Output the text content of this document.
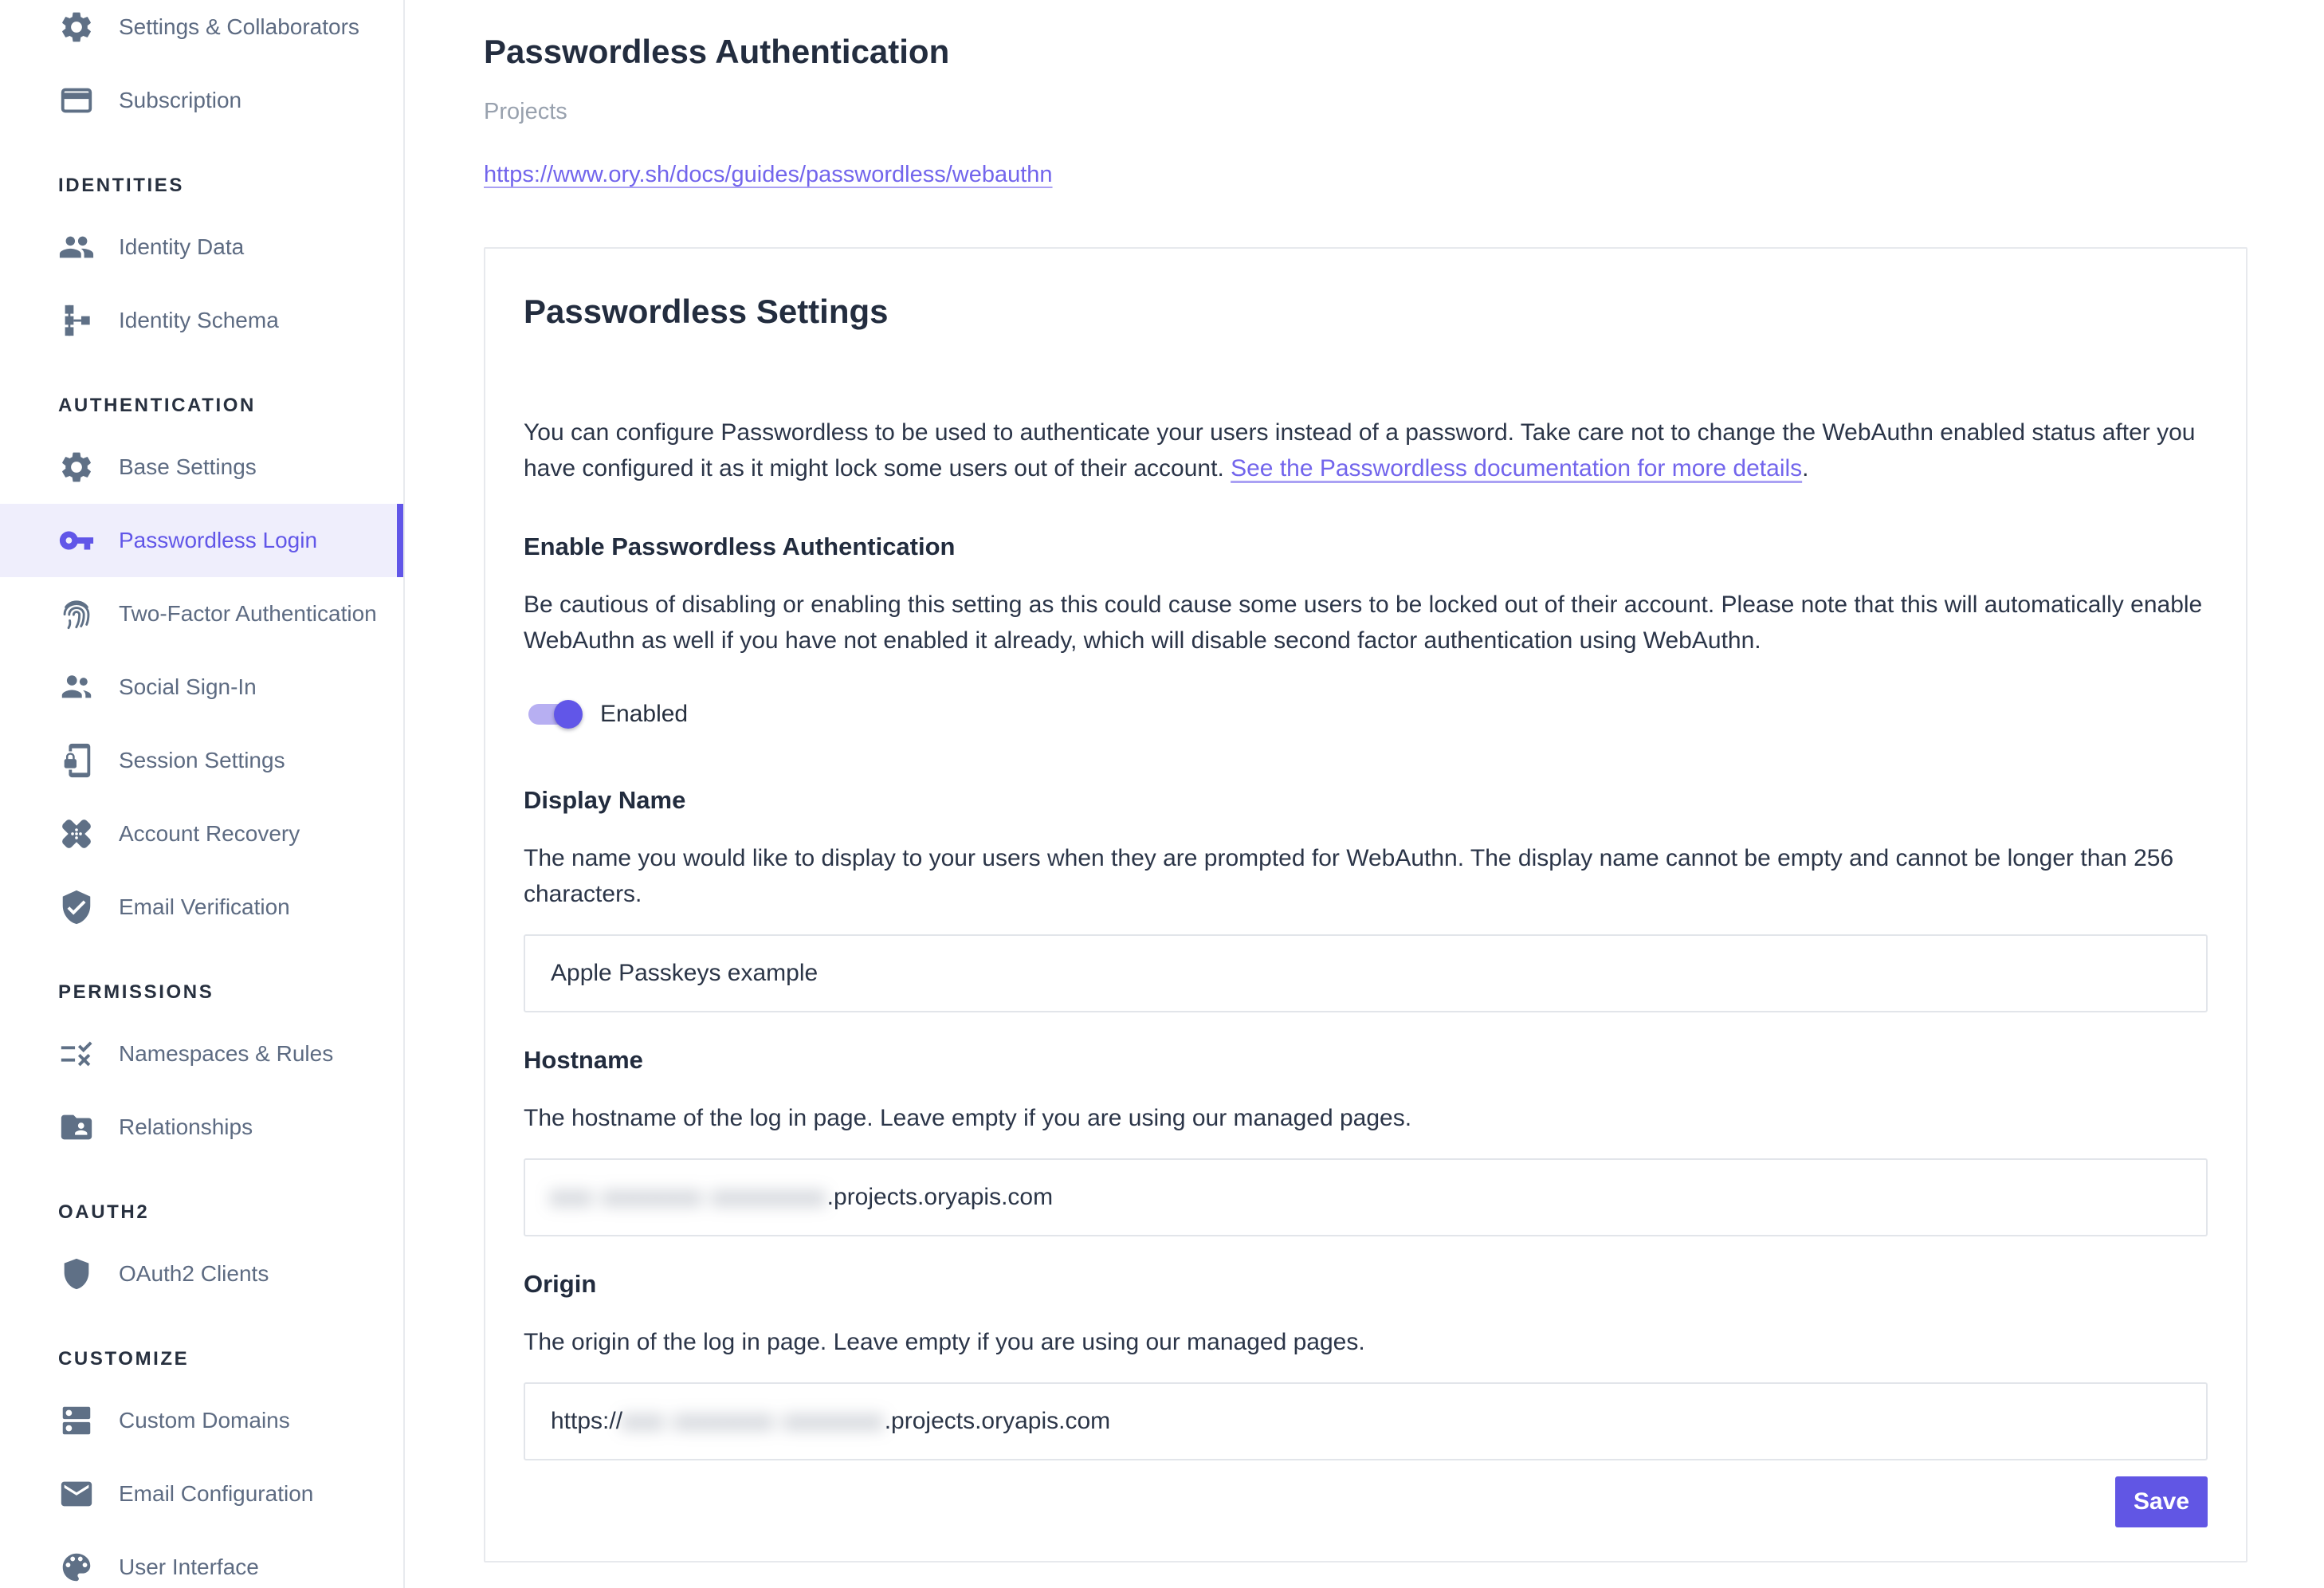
Settings & Collaborators
Subscription
IDENTITIES
Identity Data
Identity Schema
AUTHENTICATION
Base Settings
Passwordless Login
Two-Factor Authentication
Social Sign-In
Session Settings
Account Recovery
Email Verification
PERMISSIONS
Namespaces & Rules
Relationships
OAUTH2
OAuth2 Clients
CUSTOMIZE
Custom Domains
Email Configuration
User Interface
Passwordless Authentication

Projects

https://www.ory.sh/docs/guides/passwordless/webauthn
Passwordless Settings

You can configure Passwordless to be used to authenticate your users instead of a password. Take care not to change the WebAuthn enabled status after you have configured it as it might lock some users out of their account. See the Passwordless documentation for more details.

Enable Passwordless Authentication

Be cautious of disabling or enabling this setting as this could cause some users to be locked out of their account. Please note that this will automatically enable WebAuthn as well if you have not enabled it already, which will disable second factor authentication using WebAuthn.

Enabled
Display Name

The name you would like to display to your users when they are prompted for WebAuthn. The display name cannot be empty and cannot be longer than 256 characters.

Apple Passkeys example
Hostname

The hostname of the log in page. Leave empty if you are using our managed pages.

xxx xxxxxxx xxxxxxxx .projects.oryapis.com
Origin

The origin of the log in page. Leave empty if you are using our managed pages.

https:// xxx xxxxxxx xxxxxxx .projects.oryapis.com
Save
